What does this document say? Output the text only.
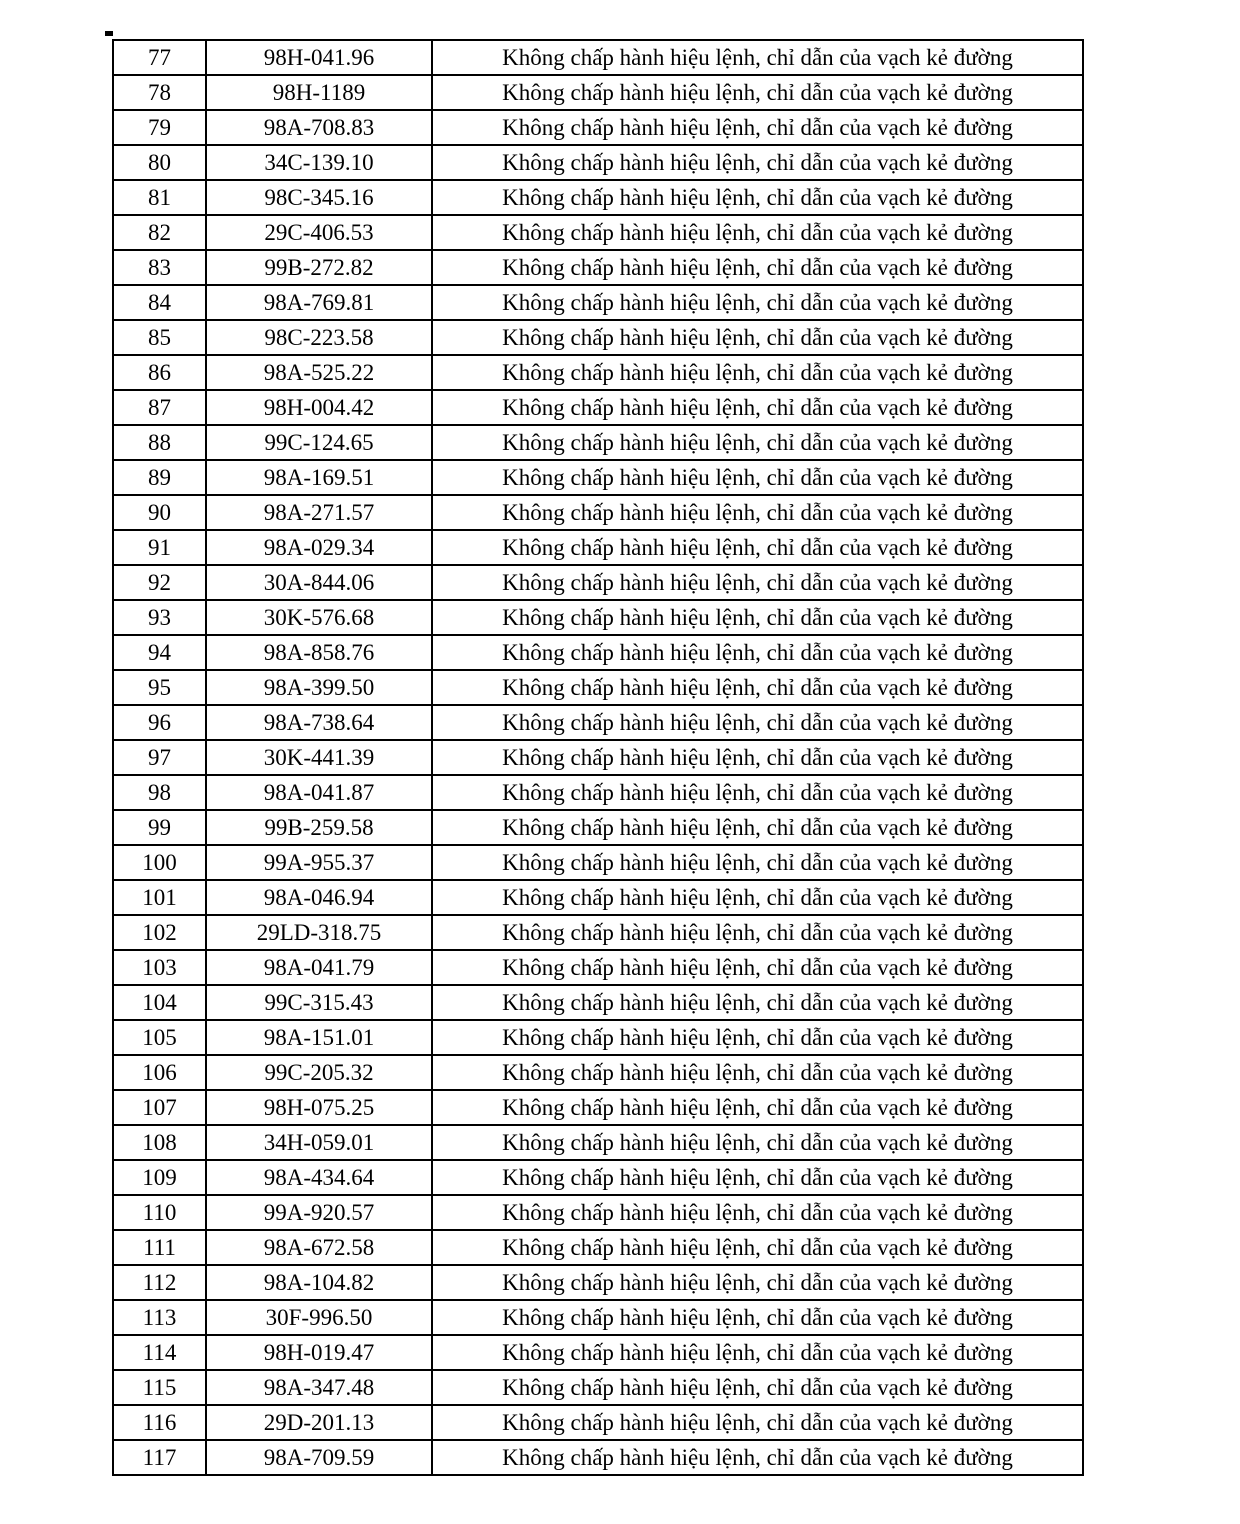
77	98H-041.96	Không chấp hành hiệu lệnh, chỉ dẫn của vạch kẻ đường
78	98H-1189	Không chấp hành hiệu lệnh, chỉ dẫn của vạch kẻ đường
79	98A-708.83	Không chấp hành hiệu lệnh, chỉ dẫn của vạch kẻ đường
80	34C-139.10	Không chấp hành hiệu lệnh, chỉ dẫn của vạch kẻ đường
81	98C-345.16	Không chấp hành hiệu lệnh, chỉ dẫn của vạch kẻ đường
82	29C-406.53	Không chấp hành hiệu lệnh, chỉ dẫn của vạch kẻ đường
83	99B-272.82	Không chấp hành hiệu lệnh, chỉ dẫn của vạch kẻ đường
84	98A-769.81	Không chấp hành hiệu lệnh, chỉ dẫn của vạch kẻ đường
85	98C-223.58	Không chấp hành hiệu lệnh, chỉ dẫn của vạch kẻ đường
86	98A-525.22	Không chấp hành hiệu lệnh, chỉ dẫn của vạch kẻ đường
87	98H-004.42	Không chấp hành hiệu lệnh, chỉ dẫn của vạch kẻ đường
88	99C-124.65	Không chấp hành hiệu lệnh, chỉ dẫn của vạch kẻ đường
89	98A-169.51	Không chấp hành hiệu lệnh, chỉ dẫn của vạch kẻ đường
90	98A-271.57	Không chấp hành hiệu lệnh, chỉ dẫn của vạch kẻ đường
91	98A-029.34	Không chấp hành hiệu lệnh, chỉ dẫn của vạch kẻ đường
92	30A-844.06	Không chấp hành hiệu lệnh, chỉ dẫn của vạch kẻ đường
93	30K-576.68	Không chấp hành hiệu lệnh, chỉ dẫn của vạch kẻ đường
94	98A-858.76	Không chấp hành hiệu lệnh, chỉ dẫn của vạch kẻ đường
95	98A-399.50	Không chấp hành hiệu lệnh, chỉ dẫn của vạch kẻ đường
96	98A-738.64	Không chấp hành hiệu lệnh, chỉ dẫn của vạch kẻ đường
97	30K-441.39	Không chấp hành hiệu lệnh, chỉ dẫn của vạch kẻ đường
98	98A-041.87	Không chấp hành hiệu lệnh, chỉ dẫn của vạch kẻ đường
99	99B-259.58	Không chấp hành hiệu lệnh, chỉ dẫn của vạch kẻ đường
100	99A-955.37	Không chấp hành hiệu lệnh, chỉ dẫn của vạch kẻ đường
101	98A-046.94	Không chấp hành hiệu lệnh, chỉ dẫn của vạch kẻ đường
102	29LD-318.75	Không chấp hành hiệu lệnh, chỉ dẫn của vạch kẻ đường
103	98A-041.79	Không chấp hành hiệu lệnh, chỉ dẫn của vạch kẻ đường
104	99C-315.43	Không chấp hành hiệu lệnh, chỉ dẫn của vạch kẻ đường
105	98A-151.01	Không chấp hành hiệu lệnh, chỉ dẫn của vạch kẻ đường
106	99C-205.32	Không chấp hành hiệu lệnh, chỉ dẫn của vạch kẻ đường
107	98H-075.25	Không chấp hành hiệu lệnh, chỉ dẫn của vạch kẻ đường
108	34H-059.01	Không chấp hành hiệu lệnh, chỉ dẫn của vạch kẻ đường
109	98A-434.64	Không chấp hành hiệu lệnh, chỉ dẫn của vạch kẻ đường
110	99A-920.57	Không chấp hành hiệu lệnh, chỉ dẫn của vạch kẻ đường
111	98A-672.58	Không chấp hành hiệu lệnh, chỉ dẫn của vạch kẻ đường
112	98A-104.82	Không chấp hành hiệu lệnh, chỉ dẫn của vạch kẻ đường
113	30F-996.50	Không chấp hành hiệu lệnh, chỉ dẫn của vạch kẻ đường
114	98H-019.47	Không chấp hành hiệu lệnh, chỉ dẫn của vạch kẻ đường
115	98A-347.48	Không chấp hành hiệu lệnh, chỉ dẫn của vạch kẻ đường
116	29D-201.13	Không chấp hành hiệu lệnh, chỉ dẫn của vạch kẻ đường
117	98A-709.59	Không chấp hành hiệu lệnh, chỉ dẫn của vạch kẻ đường
